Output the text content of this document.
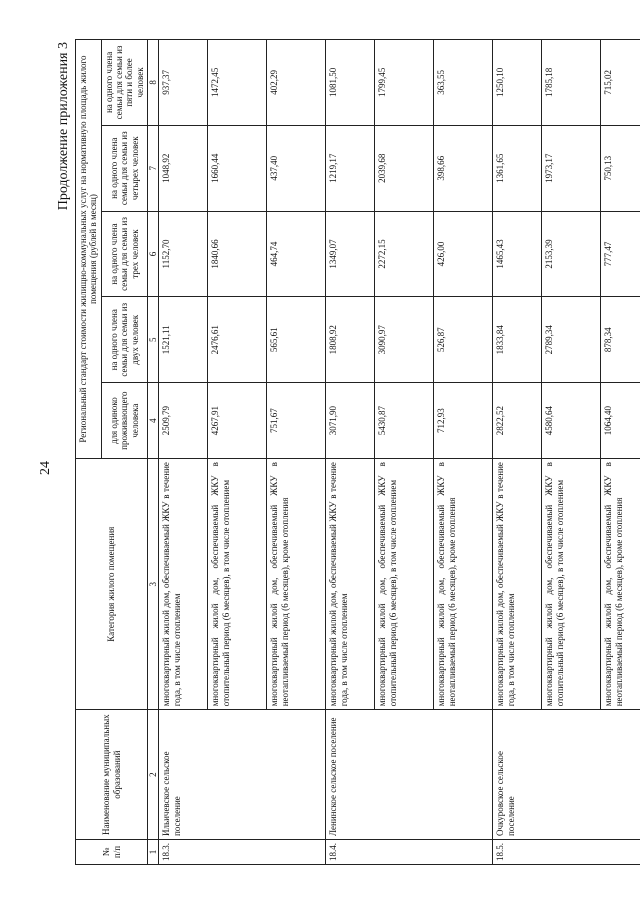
24
Продолжение приложения 3
№ п/п	Наименование муниципальных образований	Категория жилого помещения	Региональный стандарт стоимости жилищно-коммунальных услуг на нормативную площадь жилого помещения (рублей в месяц)				
			для одиноко проживающего человека	на одного члена семьи для семьи из двух человек	на одного члена семьи для семьи из трех человек	на одного члена семьи для семьи из четырех человек	на одного члена семьи для семьи из пяти и более человек
1	2	3	4	5	6	7	8
18.3.	Ильичевское сельское поселение	многоквартирный жилой дом, обеспечиваемый ЖКУ в течение года, в том числе отоплением	2509,79	1521,11	1152,70	1048,92	937,37
		многоквартирный жилой дом, обеспечиваемый ЖКУ в отопительный период (6 месяцев), в том числе отоплением	4267,91	2476,61	1840,66	1660,44	1472,45
		многоквартирный жилой дом, обеспечиваемый ЖКУ в неотапливаемый период (6 месяцев), кроме отопления	751,67	565,61	464,74	437,40	402,29
18.4.	Ленинское сельское поселение	многоквартирный жилой дом, обеспечиваемый ЖКУ в течение года, в том числе отоплением	3071,90	1808,92	1349,07	1219,17	1081,50
		многоквартирный жилой дом, обеспечиваемый ЖКУ в отопительный период (6 месяцев), в том числе отоплением	5430,87	3090,97	2272,15	2039,68	1799,45
		многоквартирный жилой дом, обеспечиваемый ЖКУ в неотапливаемый период (6 месяцев), кроме отопления	712,93	526,87	426,00	398,66	363,55
18.5.	Очкуровское сельское поселение	многоквартирный жилой дом, обеспечиваемый ЖКУ в течение года, в том числе отоплением	2822,52	1833,84	1465,43	1361,65	1250,10
		многоквартирный жилой дом, обеспечиваемый ЖКУ в отопительный период (6 месяцев), в том числе отоплением	4580,64	2789,34	2153,39	1973,17	1785,18
		многоквартирный жилой дом, обеспечиваемый ЖКУ в неотапливаемый период (6 месяцев), кроме отопления	1064,40	878,34	777,47	750,13	715,02
